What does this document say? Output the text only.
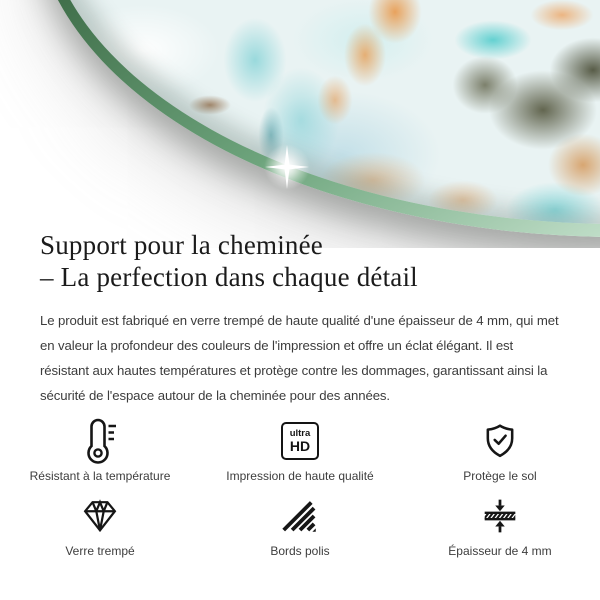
Support pour la cheminée
– La perfection dans chaque détail

Le produit est fabriqué en verre trempé de haute qualité d'une épaisseur de 4 mm, qui met en valeur la profondeur des couleurs de l'impression et offre un éclat élégant. Il est résistant aux hautes températures et protège contre les dommages, garantissant ainsi la sécurité de l'espace autour de la cheminée pour des années.

Résistant à la température
ultra
HD
Impression de haute qualité	Protège le sol
Verre trempé	Bords polis	Épaisseur de 4 mm
